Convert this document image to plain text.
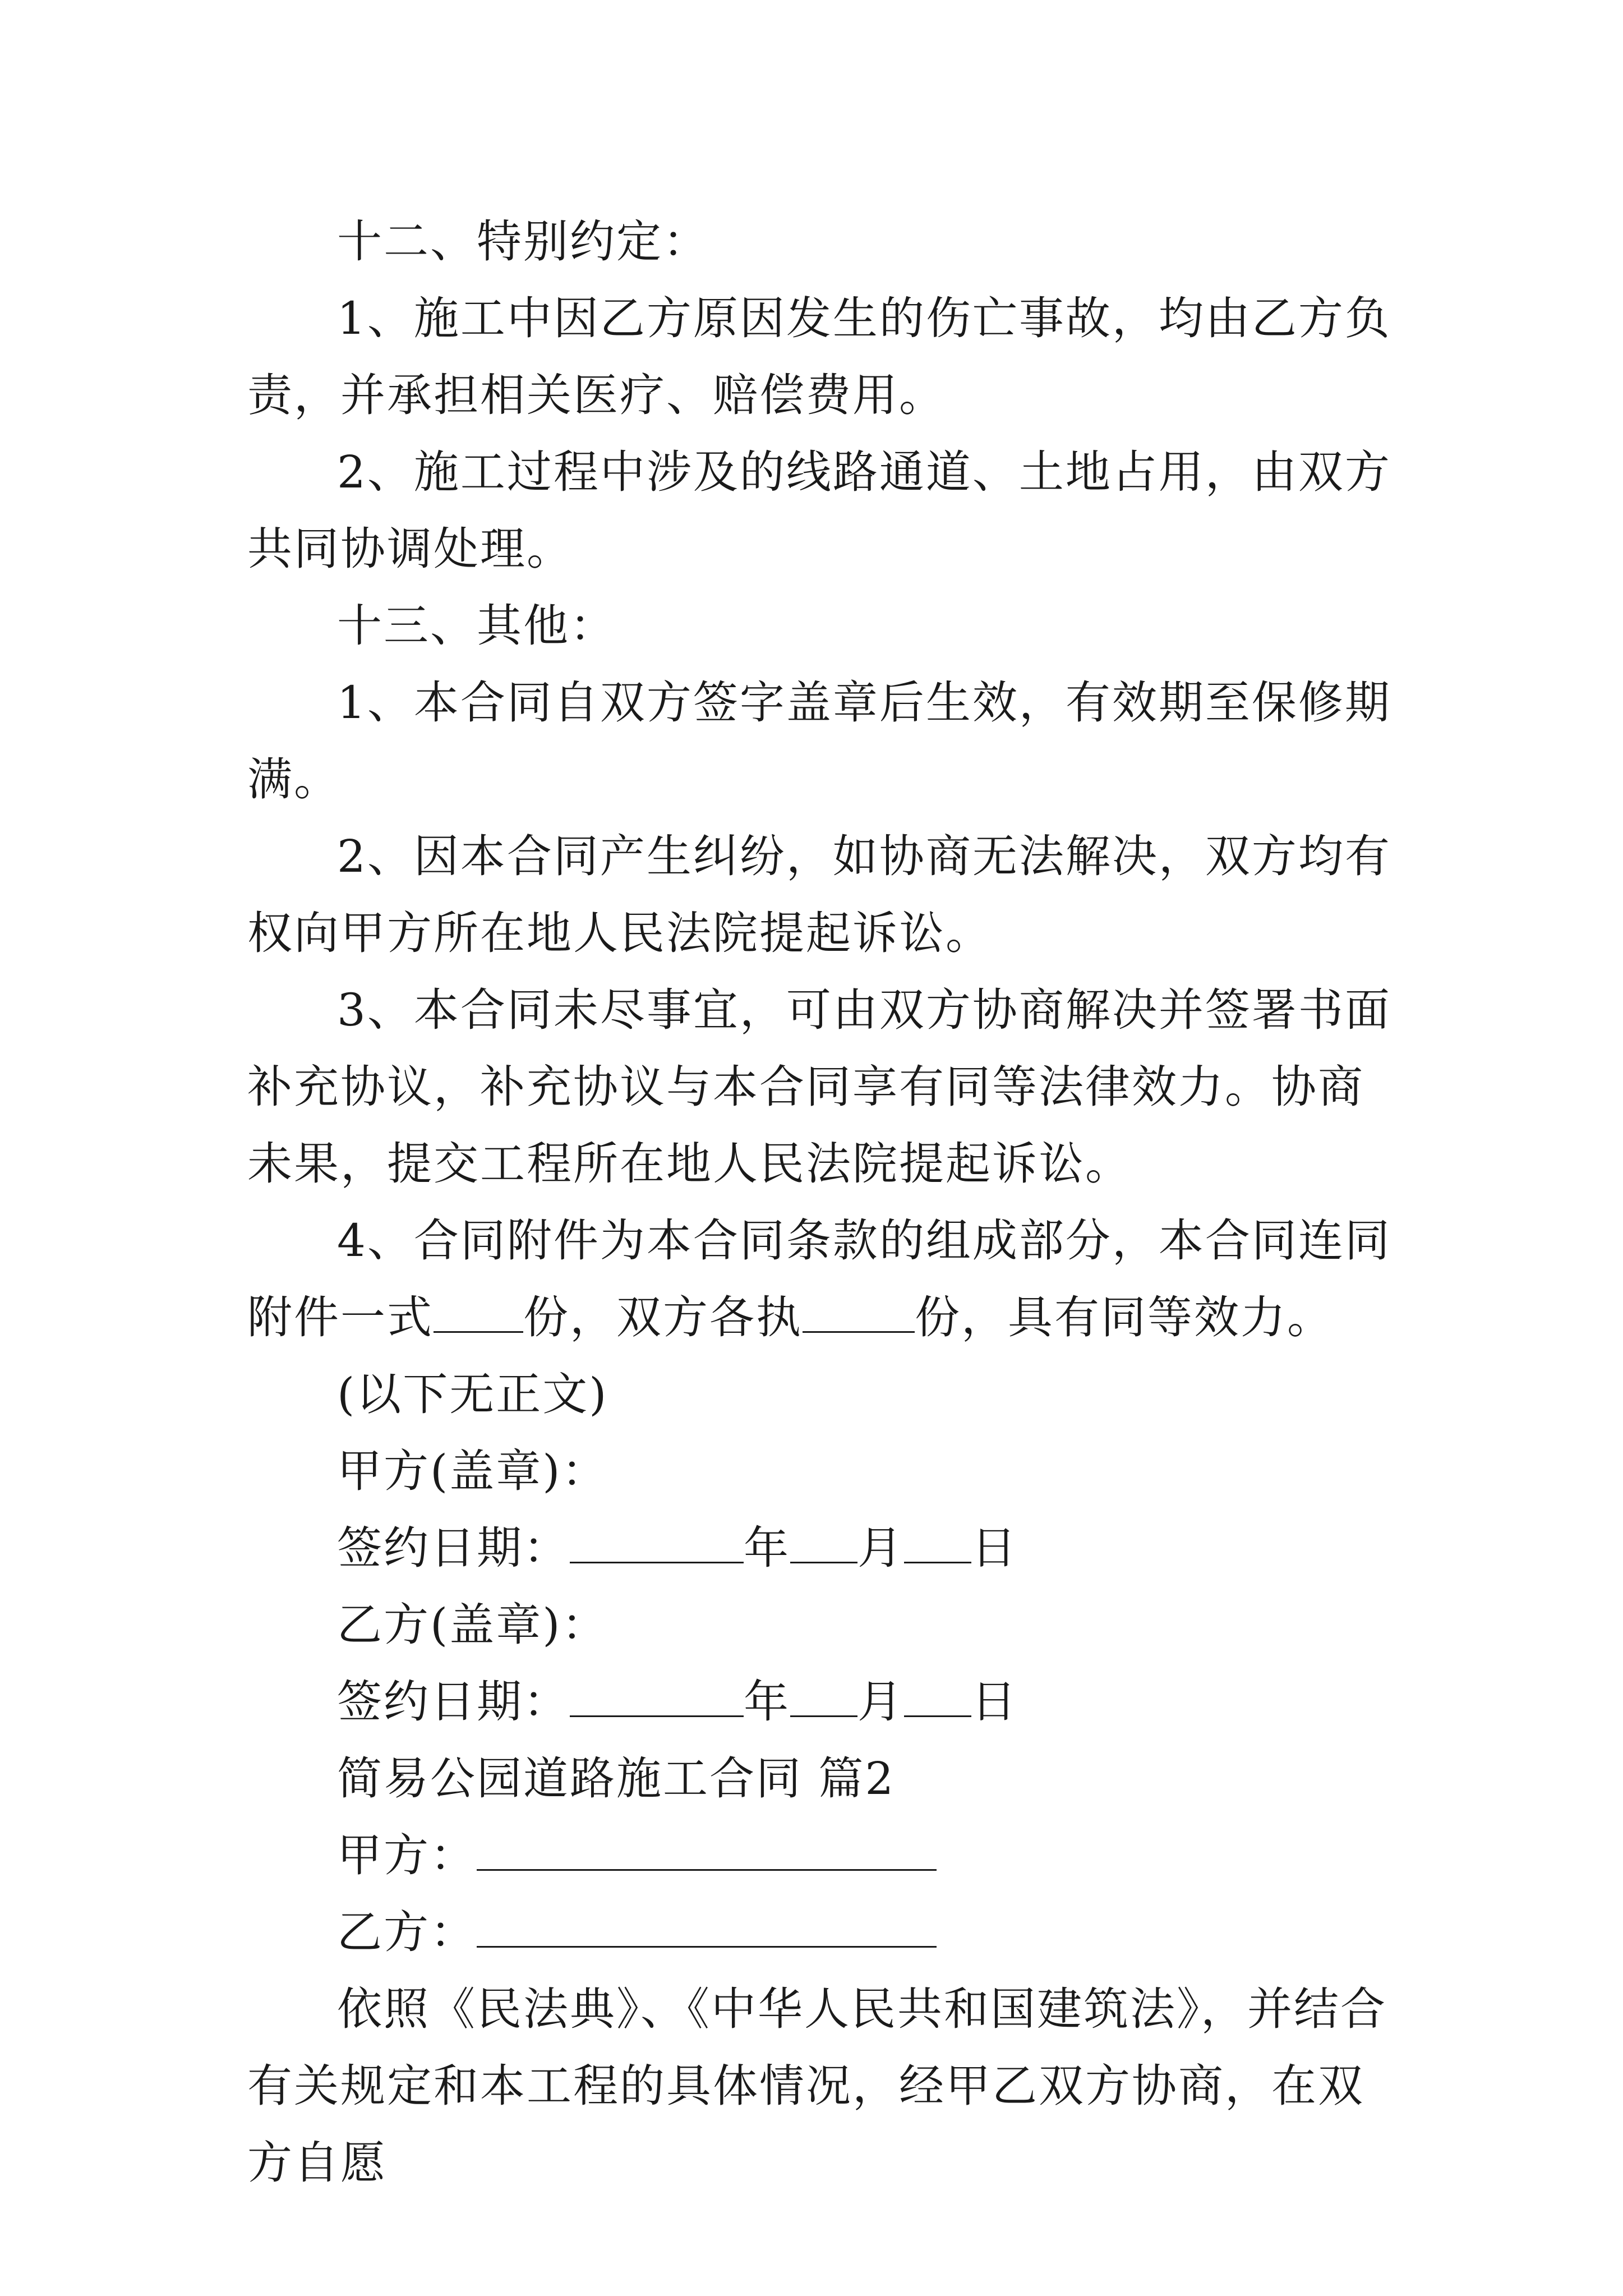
十二、特别约定：

1、施工中因乙方原因发生的伤亡事故，均由乙方负责，并承担相关医疗、赔偿费用。

2、施工过程中涉及的线路通道、土地占用，由双方共同协调处理。

十三、其他：

1、本合同自双方签字盖章后生效，有效期至保修期满。

2、因本合同产生纠纷，如协商无法解决，双方均有权向甲方所在地人民法院提起诉讼。

3、本合同未尽事宜，可由双方协商解决并签署书面补充协议，补充协议与本合同享有同等法律效力。协商未果，提交工程所在地人民法院提起诉讼。

4、合同附件为本合同条款的组成部分，本合同连同附件一式 份，双方各执	份，具有同等效力。

(以下无正文)

甲方(盖章)：

签约日期：	年 月 日

乙方(盖章)：

签约日期：	年 月 日

简易公园道路施工合同 篇2

甲方：

乙方：

依照《民法典》、《中华人民共和国建筑法》，并结合有关规定和本工程的具体情况，经甲乙双方协商，在双方自愿
